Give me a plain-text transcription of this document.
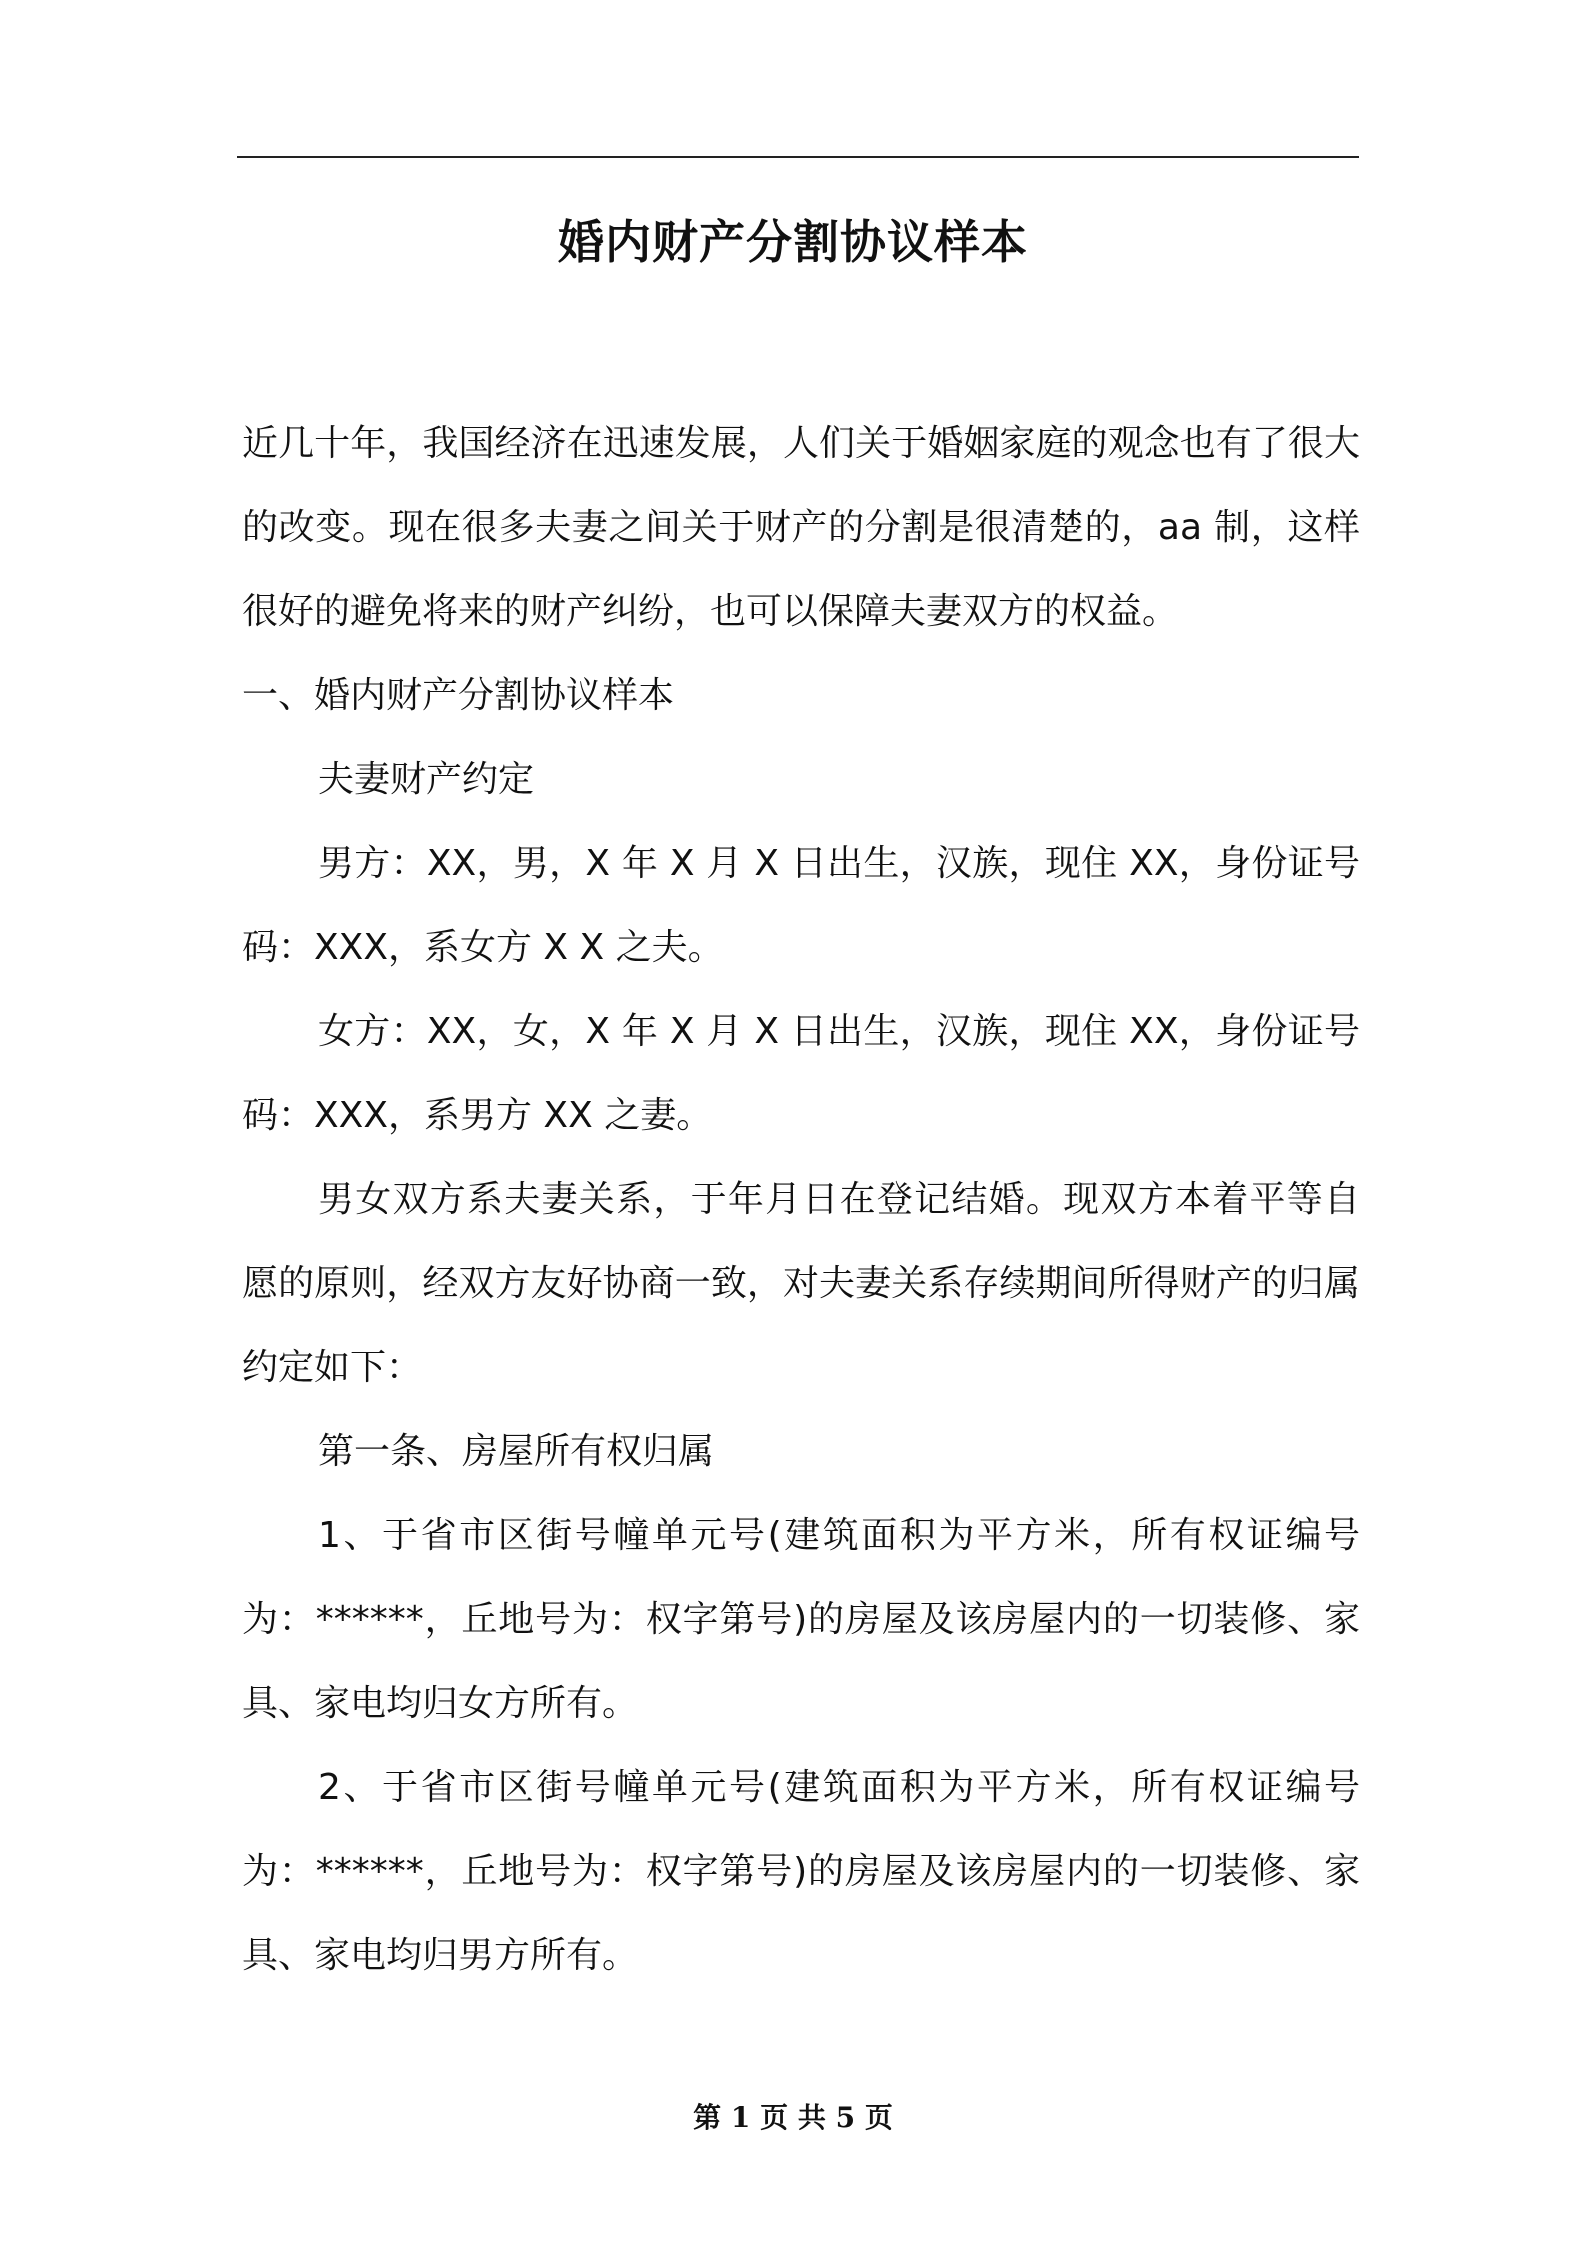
婚内财产分割协议样本

近几十年，我国经济在迅速发展，人们关于婚姻家庭的观念也有了很大的改变。现在很多夫妻之间关于财产的分割是很清楚的，aa 制，这样很好的避免将来的财产纠纷，也可以保障夫妻双方的权益。

一、婚内财产分割协议样本

夫妻财产约定

男方：XX，男，X 年 X 月 X 日出生，汉族，现住 XX，身份证号码：XXX，系女方 X X 之夫。

女方：XX，女，X 年 X 月 X 日出生，汉族，现住 XX，身份证号码：XXX，系男方 XX 之妻。

男女双方系夫妻关系，于年月日在登记结婚。现双方本着平等自愿的原则，经双方友好协商一致，对夫妻关系存续期间所得财产的归属约定如下：

第一条、房屋所有权归属

1、于省市区街号幢单元号(建筑面积为平方米，所有权证编号为：******，丘地号为：权字第号)的房屋及该房屋内的一切装修、家具、家电均归女方所有。

2、于省市区街号幢单元号(建筑面积为平方米，所有权证编号为：******，丘地号为：权字第号)的房屋及该房屋内的一切装修、家具、家电均归男方所有。

第 1 页 共 5 页
